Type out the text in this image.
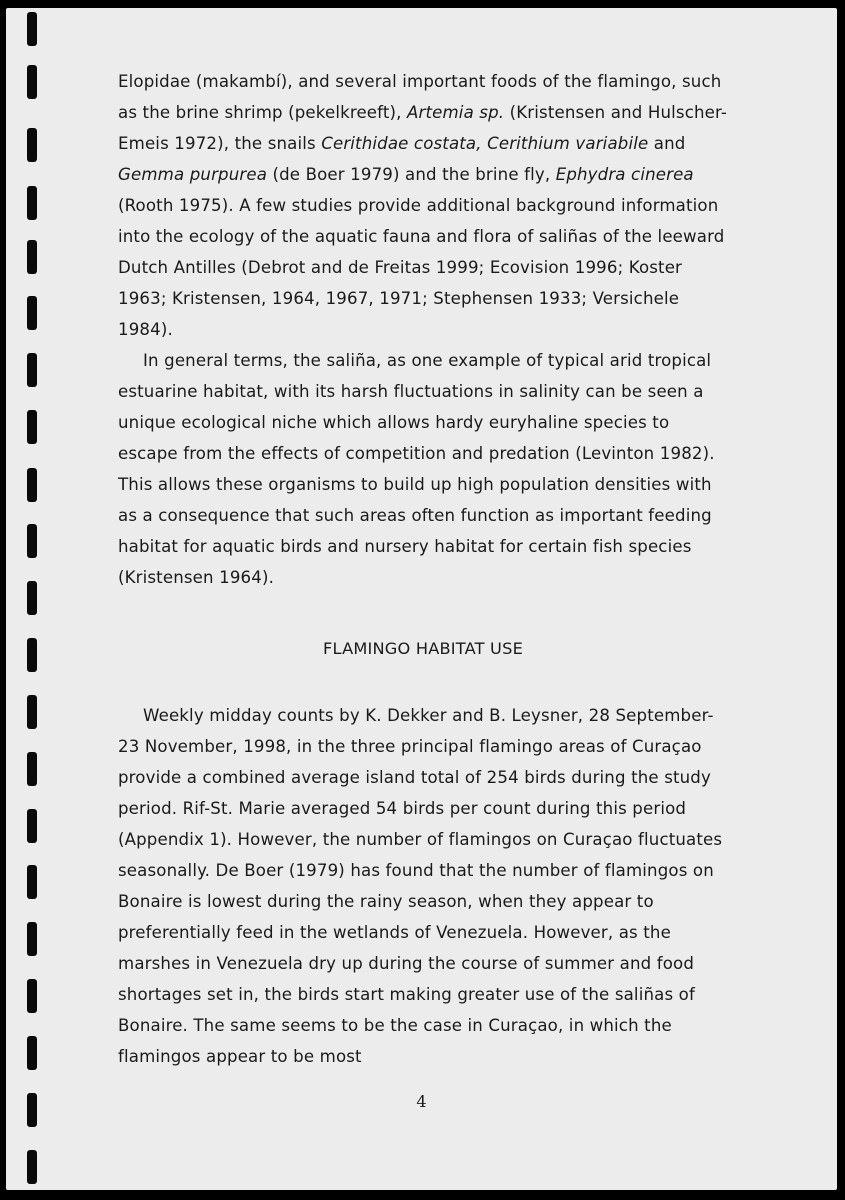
Elopidae (makambí), and several important foods of the flamingo, such as the brine shrimp (pekelkreeft), Artemia sp. (Kristensen and Hulscher-Emeis 1972), the snails Cerithidae costata, Cerithium variabile and Gemma purpurea (de Boer 1979) and the brine fly, Ephydra cinerea (Rooth 1975). A few studies provide additional background information into the ecology of the aquatic fauna and flora of saliñas of the leeward Dutch Antilles (Debrot and de Freitas 1999; Ecovision 1996; Koster 1963; Kristensen, 1964, 1967, 1971; Stephensen 1933; Versichele 1984).

In general terms, the saliña, as one example of typical arid tropical estuarine habitat, with its harsh fluctuations in salinity can be seen a unique ecological niche which allows hardy euryhaline species to escape from the effects of competition and predation (Levinton 1982). This allows these organisms to build up high population densities with as a consequence that such areas often function as important feeding habitat for aquatic birds and nursery habitat for certain fish species (Kristensen 1964).

FLAMINGO HABITAT USE

Weekly midday counts by K. Dekker and B. Leysner, 28 September- 23 November, 1998, in the three principal flamingo areas of Curaçao provide a combined average island total of 254 birds during the study period. Rif-St. Marie averaged 54 birds per count during this period (Appendix 1). However, the number of flamingos on Curaçao fluctuates seasonally. De Boer (1979) has found that the number of flamingos on Bonaire is lowest during the rainy season, when they appear to preferentially feed in the wetlands of Venezuela. However, as the marshes in Venezuela dry up during the course of summer and food shortages set in, the birds start making greater use of the saliñas of Bonaire. The same seems to be the case in Curaçao, in which the flamingos appear to be most

4
